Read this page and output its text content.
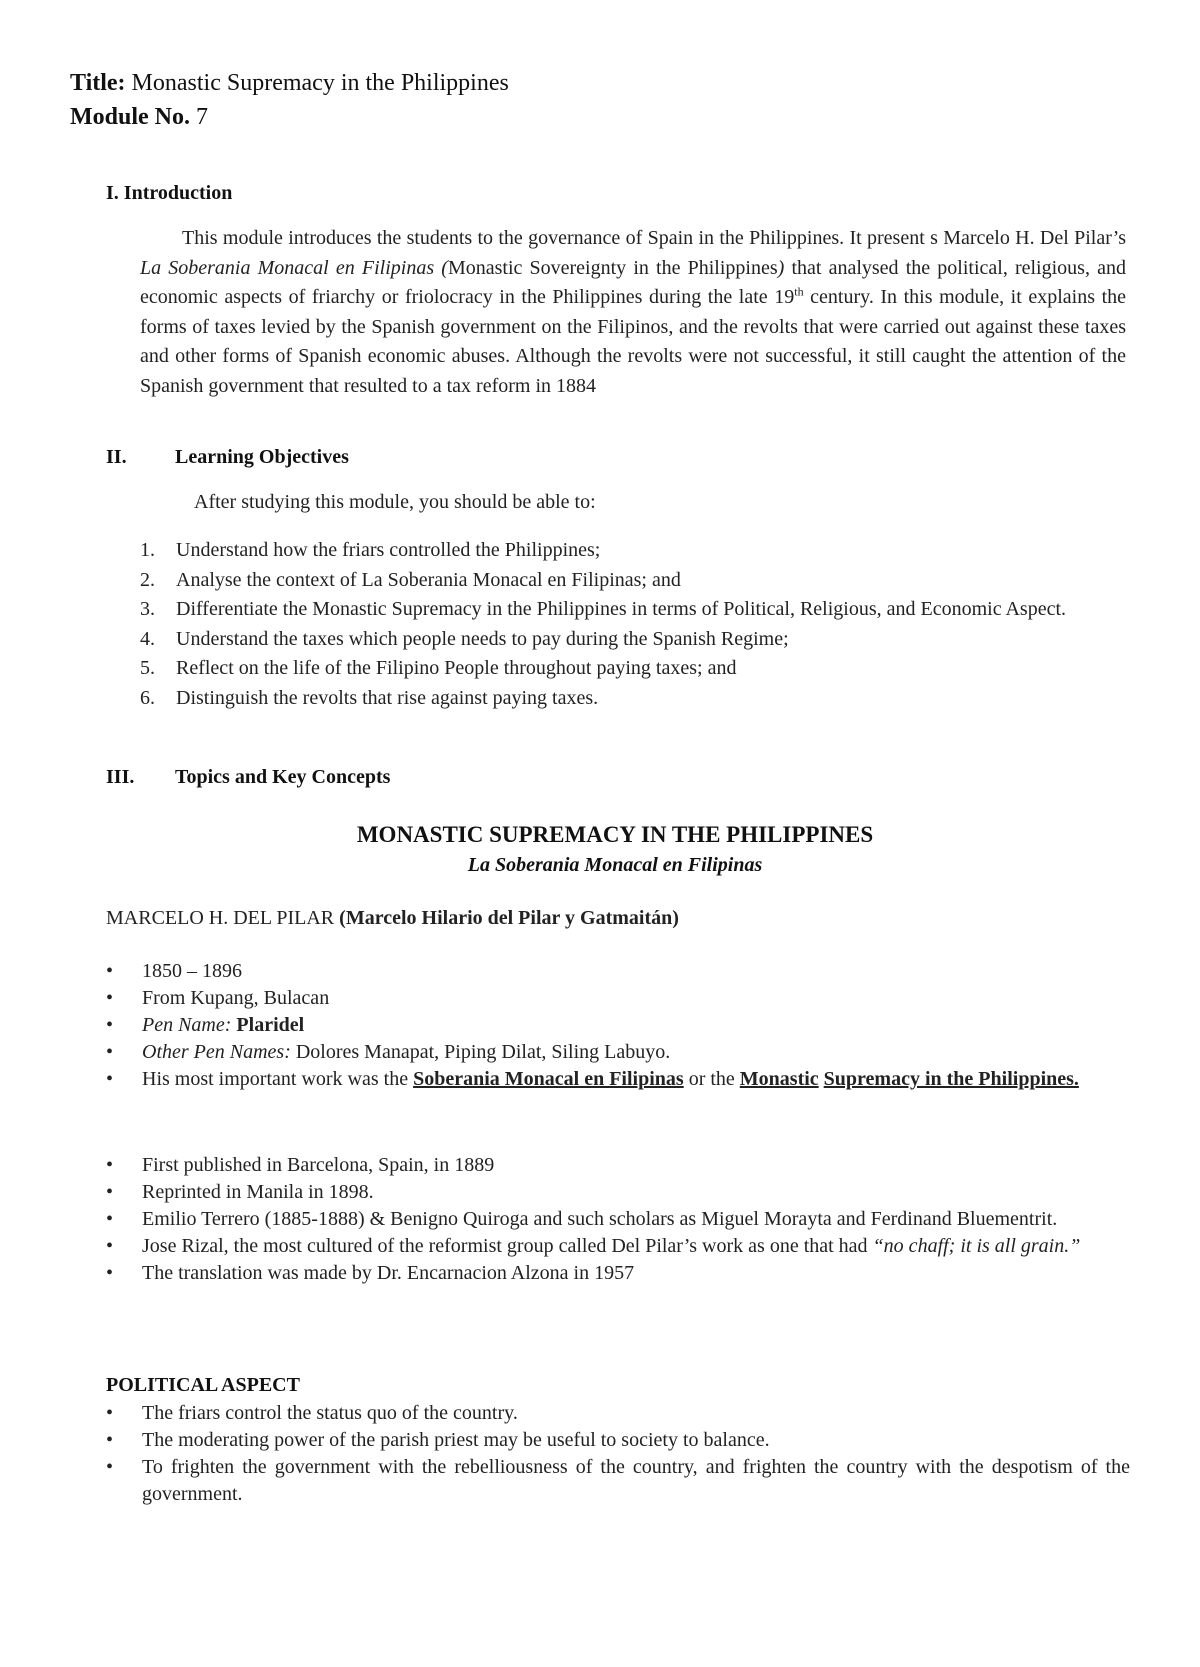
Title: Monastic Supremacy in the Philippines
Module No. 7
I. Introduction
This module introduces the students to the governance of Spain in the Philippines. It present s Marcelo H. Del Pilar’s La Soberania Monacal en Filipinas (Monastic Sovereignty in the Philippines) that analysed the political, religious, and economic aspects of friarchy or friolocracy in the Philippines during the late 19th century. In this module, it explains the forms of taxes levied by the Spanish government on the Filipinos, and the revolts that were carried out against these taxes and other forms of Spanish economic abuses. Although the revolts were not successful, it still caught the attention of the Spanish government that resulted to a tax reform in 1884
II. Learning Objectives
After studying this module, you should be able to:
1.	Understand how the friars controlled the Philippines;
2.	Analyse the context of La Soberania Monacal en Filipinas; and
3.	Differentiate the Monastic Supremacy in the Philippines in terms of Political, Religious, and Economic Aspect.
4.	Understand the taxes which people needs to pay during the Spanish Regime;
5.	Reflect on the life of the Filipino People throughout paying taxes; and
6.	Distinguish the revolts that rise against paying taxes.
III. Topics and Key Concepts
MONASTIC SUPREMACY IN THE PHILIPPINES
La Soberania Monacal en Filipinas
MARCELO H. DEL PILAR (Marcelo Hilario del Pilar y Gatmaitán)
•	1850 – 1896
•	From Kupang, Bulacan
•	Pen Name: Plaridel
•	Other Pen Names: Dolores Manapat, Piping Dilat, Siling Labuyo.
•	His most important work was the Soberania Monacal en Filipinas or the Monastic Supremacy in the Philippines.
•	First published in Barcelona, Spain, in 1889
•	Reprinted in Manila in 1898.
•	Emilio Terrero (1885-1888) & Benigno Quiroga and such scholars as Miguel Morayta and Ferdinand Bluementrit.
•	Jose Rizal, the most cultured of the reformist group called Del Pilar’s work as one that had “no chaff; it is all grain.”
•	The translation was made by Dr. Encarnacion Alzona in 1957
POLITICAL ASPECT
•	The friars control the status quo of the country.
•	The moderating power of the parish priest may be useful to society to balance.
•	To frighten the government with the rebelliousness of the country, and frighten the country with the despotism of the government.
